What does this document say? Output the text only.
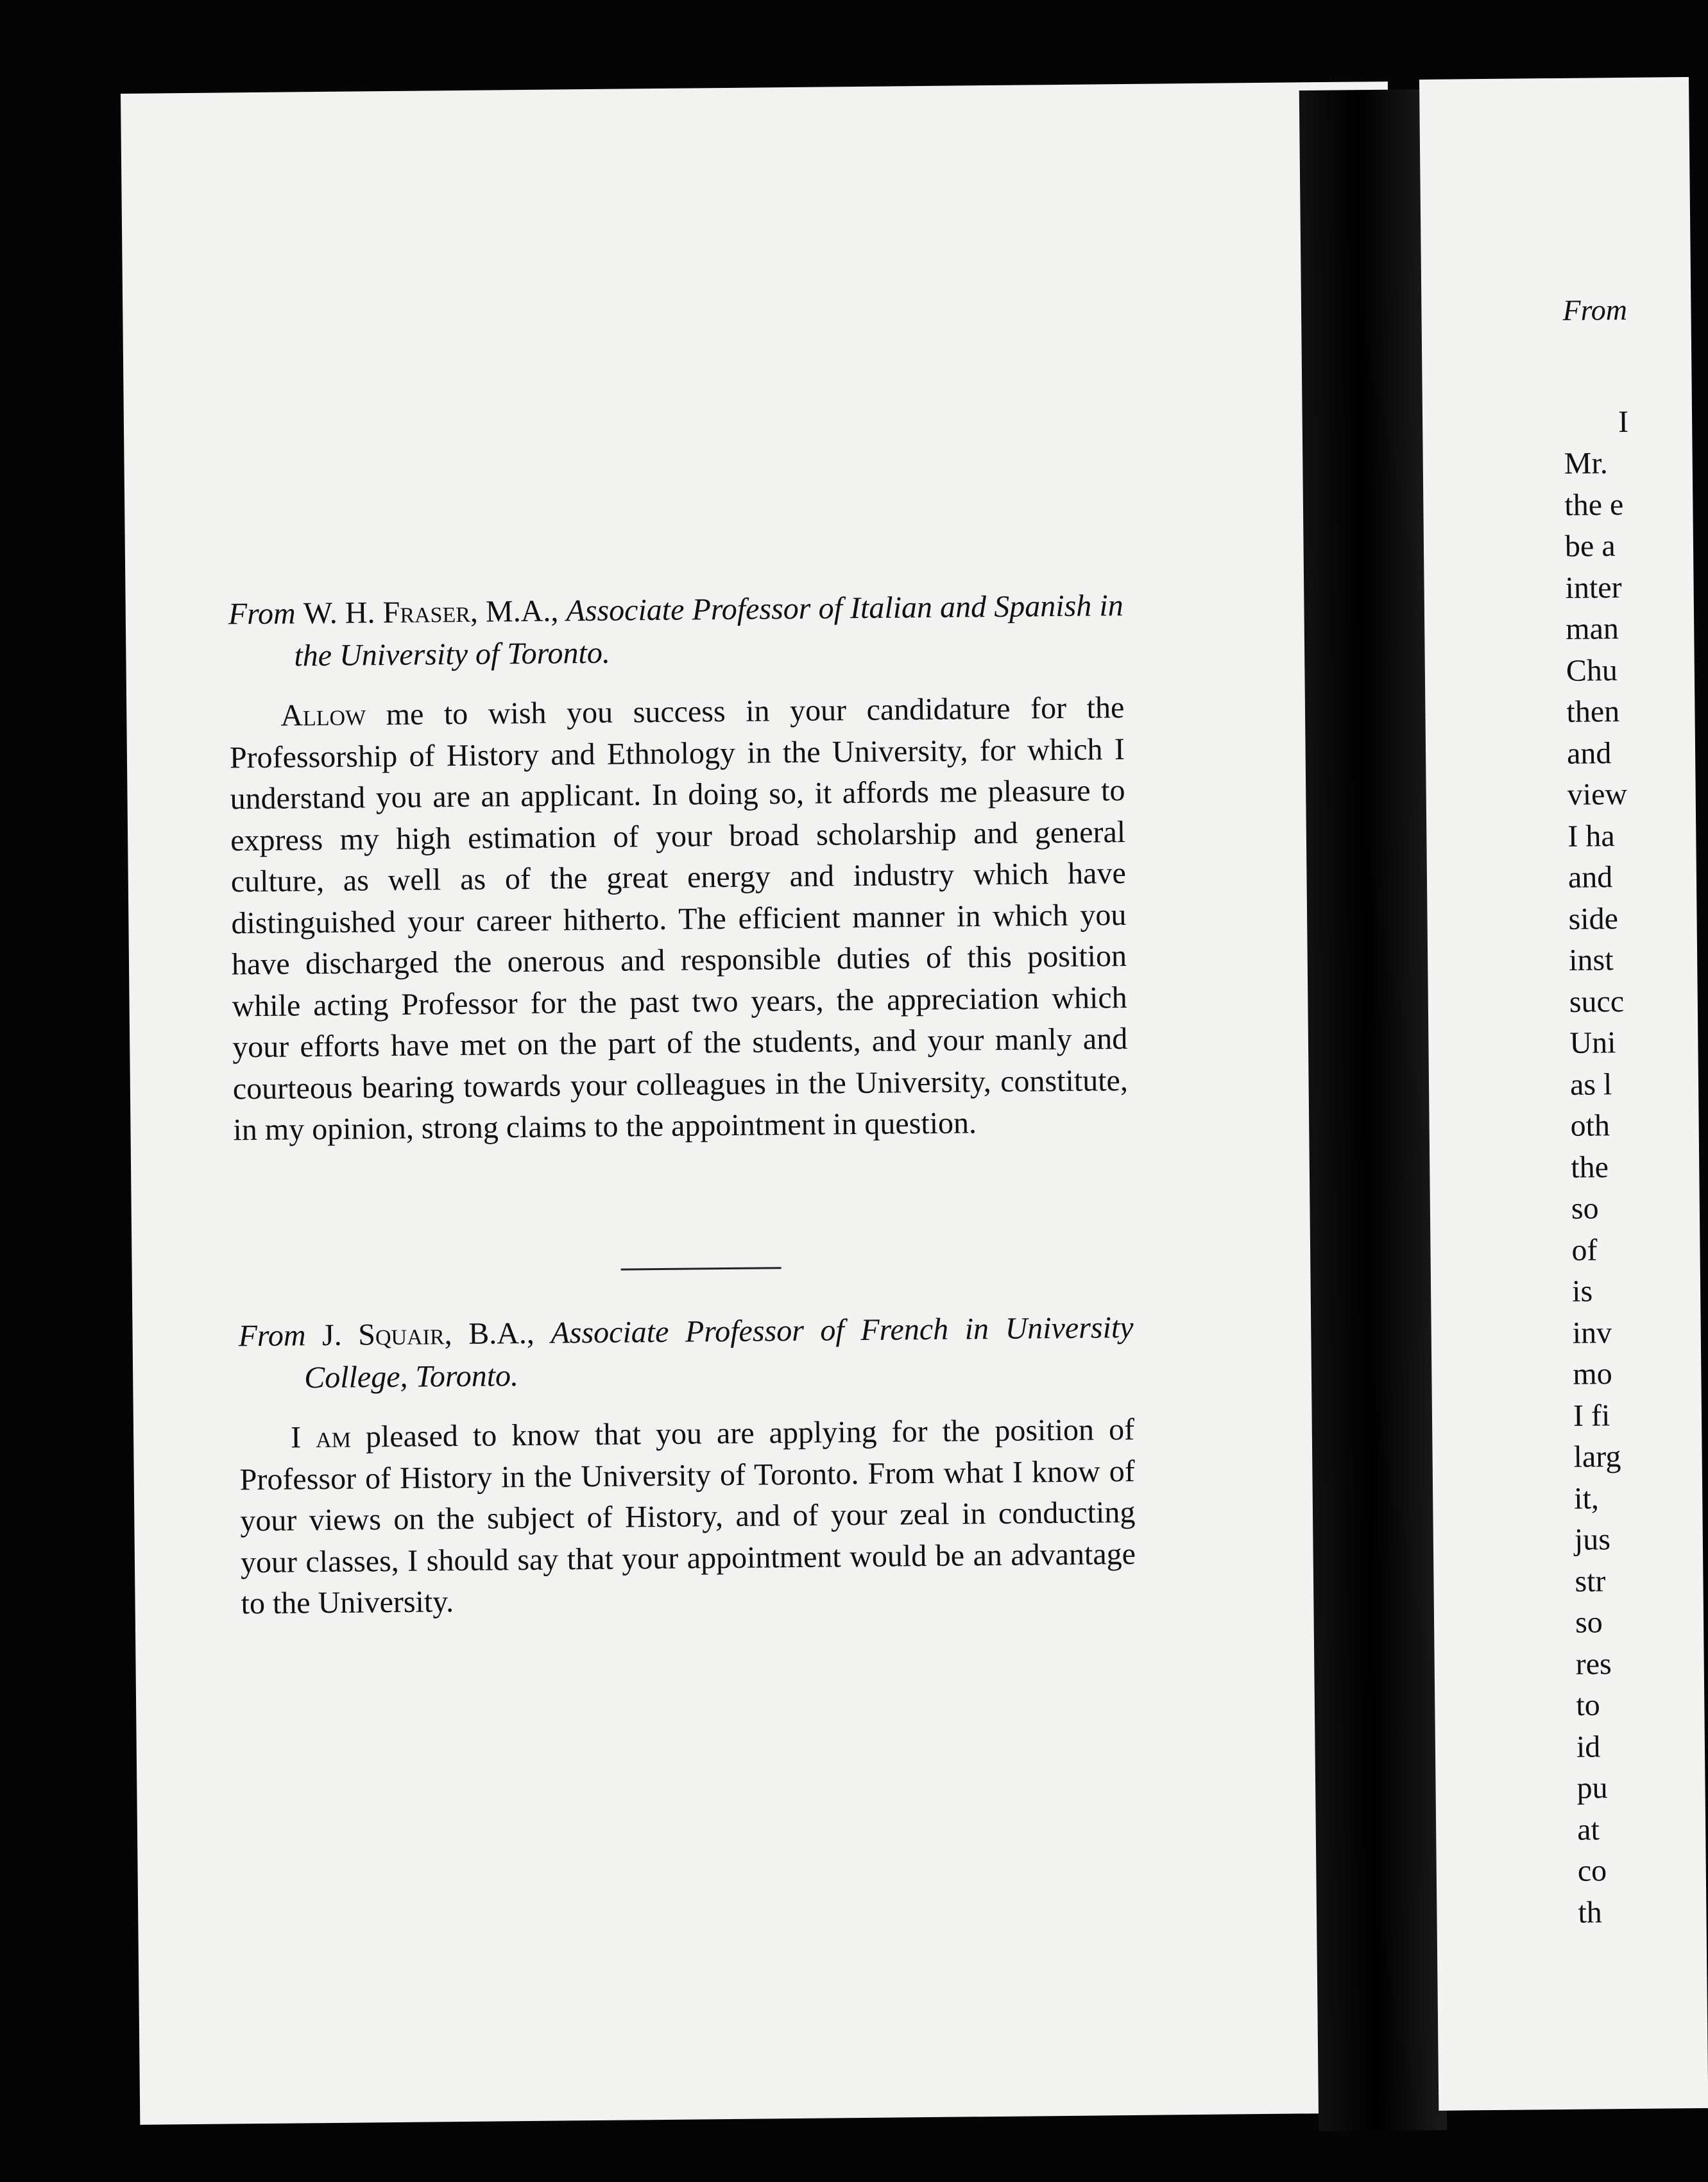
From W. H. Fraser, M.A., Associate Professor of Italian and Spanish in the University of Toronto.

Allow me to wish you success in your candidature for the Professorship of History and Ethnology in the University, for which I understand you are an applicant. In doing so, it affords me pleasure to express my high estimation of your broad scholarship and general culture, as well as of the great energy and industry which have distinguished your career hitherto. The efficient manner in which you have discharged the onerous and responsible duties of this position while acting Professor for the past two years, the appreciation which your efforts have met on the part of the students, and your manly and courteous bearing towards your colleagues in the University, constitute, in my opinion, strong claims to the appointment in question.

From J. Squair, B.A., Associate Professor of French in University College, Toronto.

I am pleased to know that you are applying for the position of Professor of History in the University of Toronto. From what I know of your views on the subject of History, and of your zeal in conducting your classes, I should say that your appointment would be an advantage to the University.

From
I
Mr.
the e
be a
inter
man
Chu
then
and
view
I ha
and
side
inst
succ
Uni
as l
oth
the
so
of
is
inv
mo
I fi
larg
it,
jus
str
so
res
to
id
pu
at
co
th
